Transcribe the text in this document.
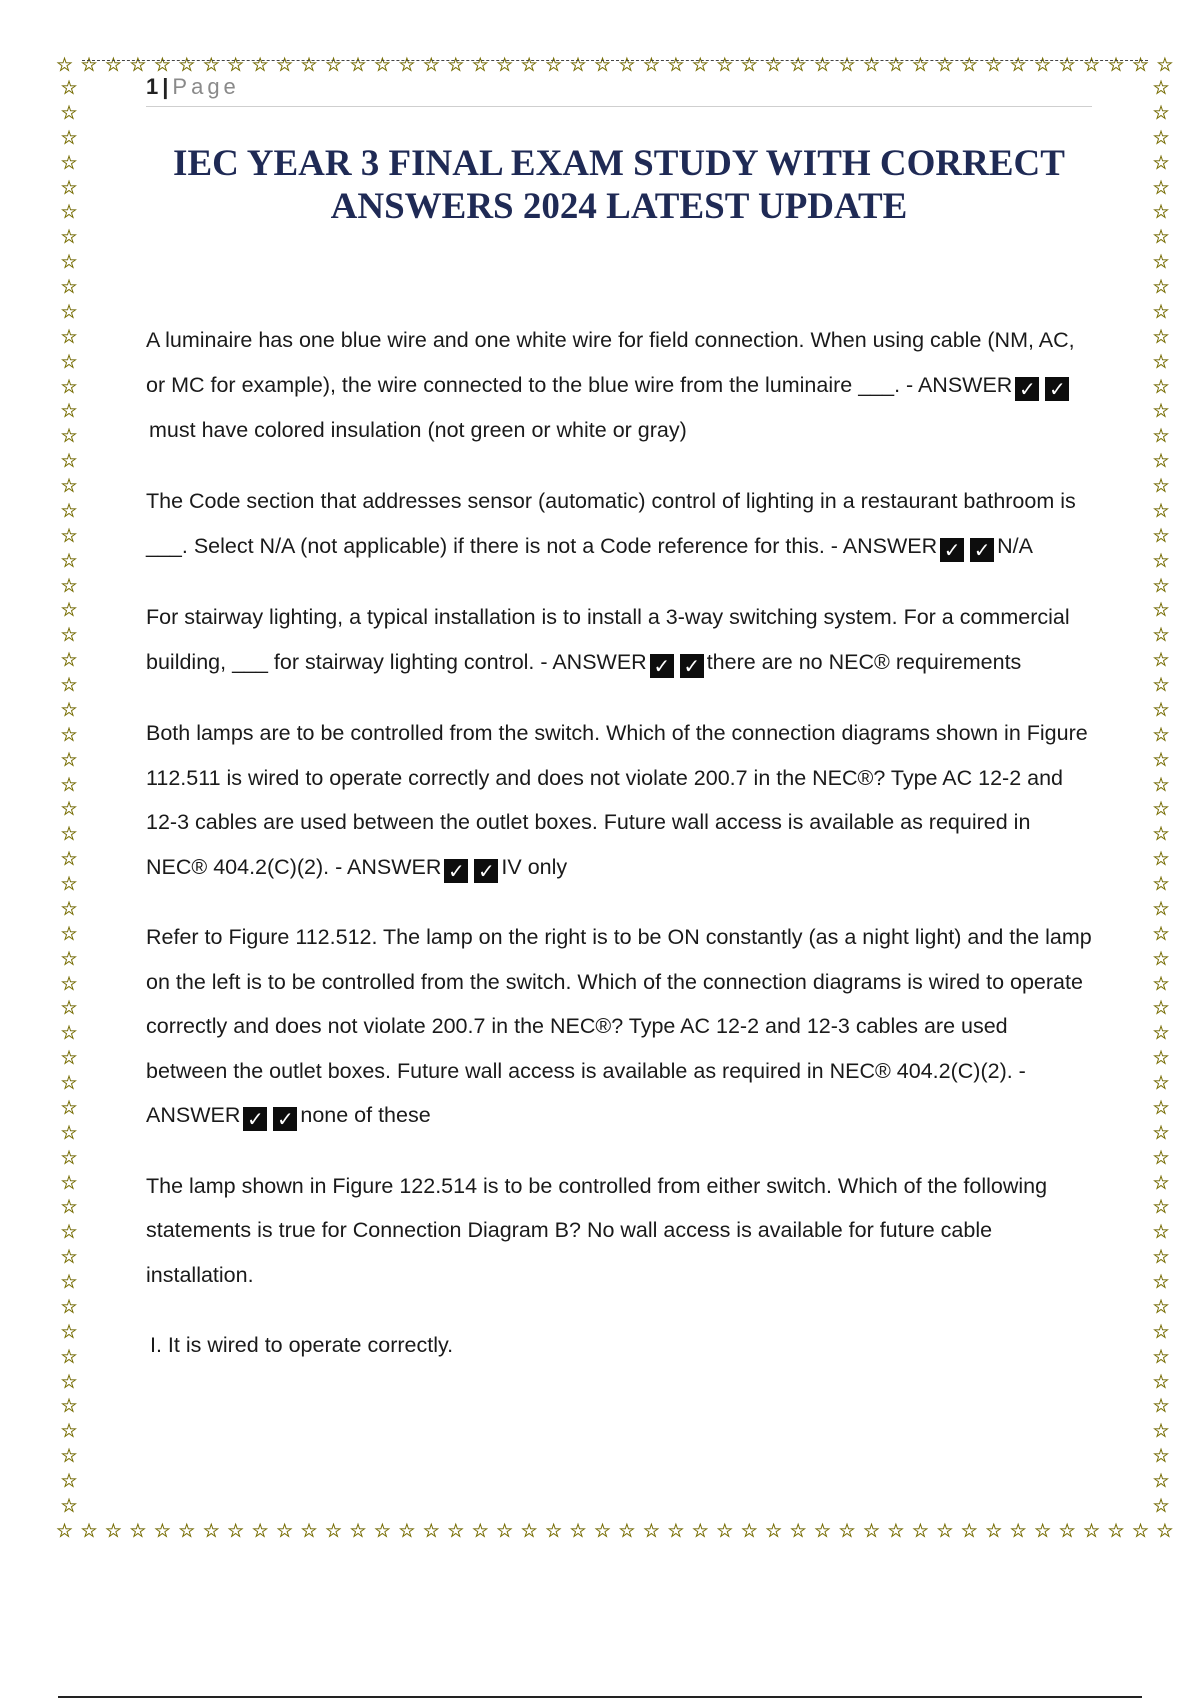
☆ ☆ ☆ ☆ ☆ ☆ ☆ ☆ ☆ ☆ ☆ ☆ ☆ ☆ ☆ ☆ ☆ ☆ ☆ ☆ ☆ ☆ ☆ ☆ ☆ ☆ ☆ ☆ ☆ ☆ ☆ ☆ ☆ ☆ ☆ ☆ ☆ ☆ ☆ ☆ ☆ ☆ ☆ ☆ ☆ ☆
☆
☆
☆
☆
☆
☆
☆
☆
☆
☆
☆
☆
☆
☆
☆
☆
☆
☆
☆
☆
☆
☆
☆
☆
☆
☆
☆
☆
☆
☆
☆
☆
☆
☆
☆
☆
☆
☆
☆
☆
☆
☆
☆
☆
☆
☆
☆
☆
☆
☆
☆
☆
☆
☆
☆
☆
☆
☆
☆
☆
☆
☆
☆
☆
☆
☆
☆
☆
☆
☆
☆
☆
☆
☆
☆
☆
☆
☆
☆
☆
☆
☆
☆
☆
☆
☆
☆
☆
☆
☆
☆
☆
☆
☆
☆
☆
☆
☆
☆
☆
☆
☆
☆
☆
☆
☆
☆
☆
☆
☆
☆
☆
☆
☆
☆
☆
☆ ☆ ☆ ☆ ☆ ☆ ☆ ☆ ☆ ☆ ☆ ☆ ☆ ☆ ☆ ☆ ☆ ☆ ☆ ☆ ☆ ☆ ☆ ☆ ☆ ☆ ☆ ☆ ☆ ☆ ☆ ☆ ☆ ☆ ☆ ☆ ☆ ☆ ☆ ☆ ☆ ☆ ☆ ☆ ☆ ☆
1 | Page
IEC YEAR 3 FINAL EXAM STUDY WITH CORRECT ANSWERS 2024 LATEST UPDATE

A luminaire has one blue wire and one white wire for field connection. When using cable (NM, AC, or MC for example), the wire connected to the blue wire from the luminaire ___. - ANSWER ✓ ✓must have colored insulation (not green or white or gray)

The Code section that addresses sensor (automatic) control of lighting in a restaurant bathroom is ___. Select N/A (not applicable) if there is not a Code reference for this. - ANSWER ✓ ✓ N/A

For stairway lighting, a typical installation is to install a 3-way switching system. For a commercial building, ___ for stairway lighting control. - ANSWER ✓ ✓ there are no NEC® requirements

Both lamps are to be controlled from the switch. Which of the connection diagrams shown in Figure 112.511 is wired to operate correctly and does not violate 200.7 in the NEC®? Type AC 12-2 and 12-3 cables are used between the outlet boxes. Future wall access is available as required in NEC® 404.2(C)(2). - ANSWER ✓ ✓ IV only

Refer to Figure 112.512. The lamp on the right is to be ON constantly (as a night light) and the lamp on the left is to be controlled from the switch. Which of the connection diagrams is wired to operate correctly and does not violate 200.7 in the NEC®? Type AC 12-2 and 12-3 cables are used between the outlet boxes. Future wall access is available as required in NEC® 404.2(C)(2). - ANSWER ✓ ✓ none of these

The lamp shown in Figure 122.514 is to be controlled from either switch. Which of the following statements is true for Connection Diagram B? No wall access is available for future cable installation.

I. It is wired to operate correctly.
